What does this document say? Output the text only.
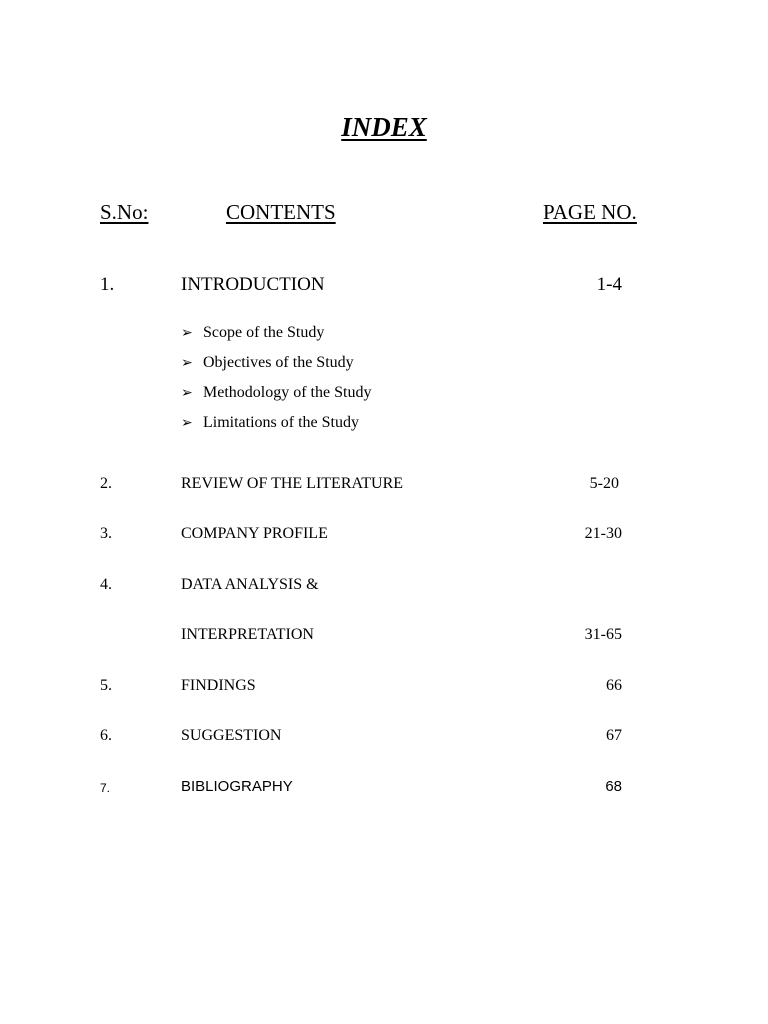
INDEX
S.No:	CONTENTS	PAGE NO.
1.	INTRODUCTION	1-4
➢ Scope of the Study
➢ Objectives of the Study
➢ Methodology of the Study
➢ Limitations of the Study
2.	REVIEW OF THE LITERATURE	5-20
3.	COMPANY PROFILE	21-30
4.	DATA ANALYSIS &
INTERPRETATION	31-65
5.	FINDINGS	66
6.	SUGGESTION	67
7.	BIBLIOGRAPHY	68
